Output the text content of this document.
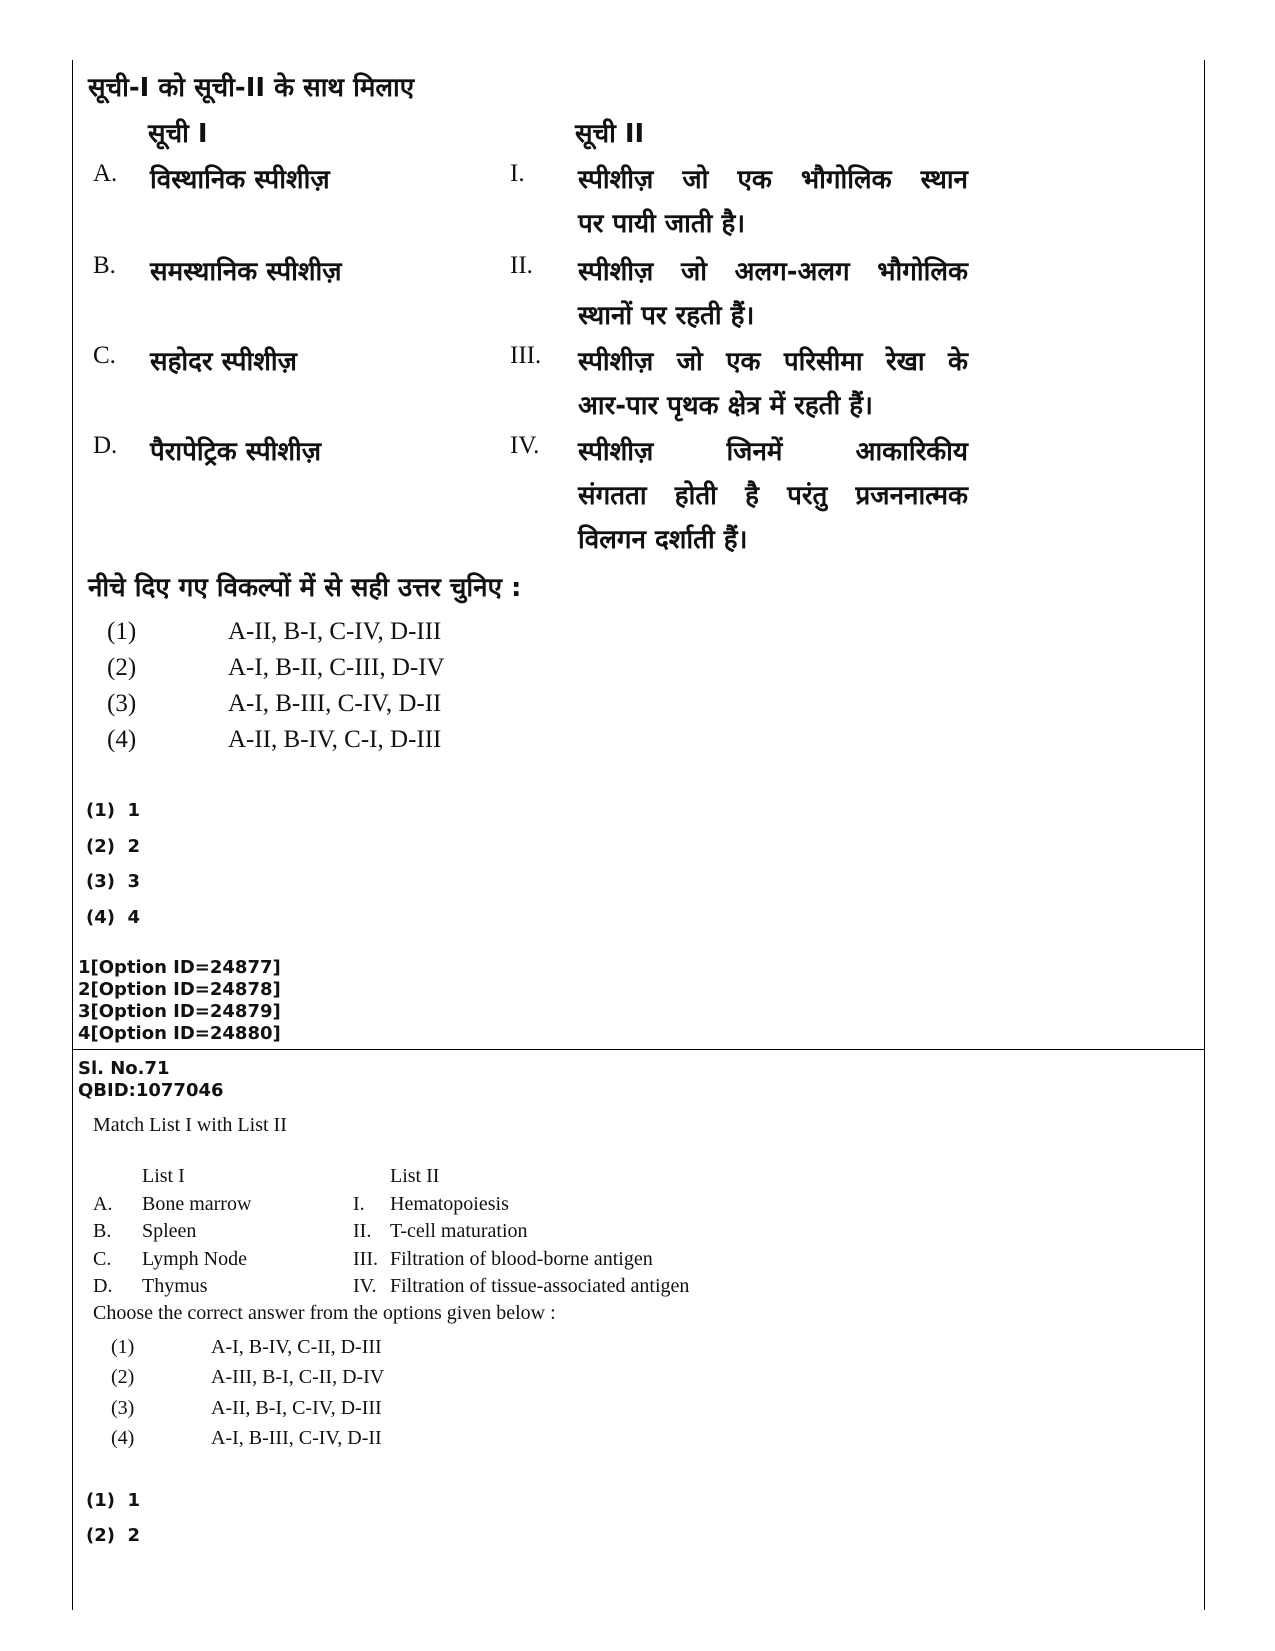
सूची-I को सूची-II के साथ मिलाए
सूची I	सूची II
A. विस्थानिक स्पीशीज़	I. स्पीशीज़ जो एक भौगोलिक स्थान
पर पायी जाती है।
B. समस्थानिक स्पीशीज़	II. स्पीशीज़ जो अलग-अलग भौगोलिक
स्थानों पर रहती हैं।
C. सहोदर स्पीशीज़	III. स्पीशीज़ जो एक परिसीमा रेखा के
आर-पार पृथक क्षेत्र में रहती हैं।
D. पैरापेट्रिक स्पीशीज़	IV. स्पीशीज़ जिनमें आकारिकीय
संगतता होती है परंतु प्रजननात्मक
विलगन दर्शाती हैं।
नीचे दिए गए विकल्पों में से सही उत्तर चुनिए :
(1)	A-II, B-I, C-IV, D-III
(2)	A-I, B-II, C-III, D-IV
(3)	A-I, B-III, C-IV, D-II
(4)	A-II, B-IV, C-I, D-III
(1)  1
(2)  2
(3)  3
(4)  4
1[Option ID=24877]
2[Option ID=24878]
3[Option ID=24879]
4[Option ID=24880]
Sl. No.71
QBID:1077046
Match List I with List II
List I	List II
A. Bone marrow	I. Hematopoiesis
B. Spleen	II. T-cell maturation
C. Lymph Node	III. Filtration of blood-borne antigen
D. Thymus	IV. Filtration of tissue-associated antigen
Choose the correct answer from the options given below :
(1)	A-I, B-IV, C-II, D-III
(2)	A-III, B-I, C-II, D-IV
(3)	A-II, B-I, C-IV, D-III
(4)	A-I, B-III, C-IV, D-II
(1)  1
(2)  2
